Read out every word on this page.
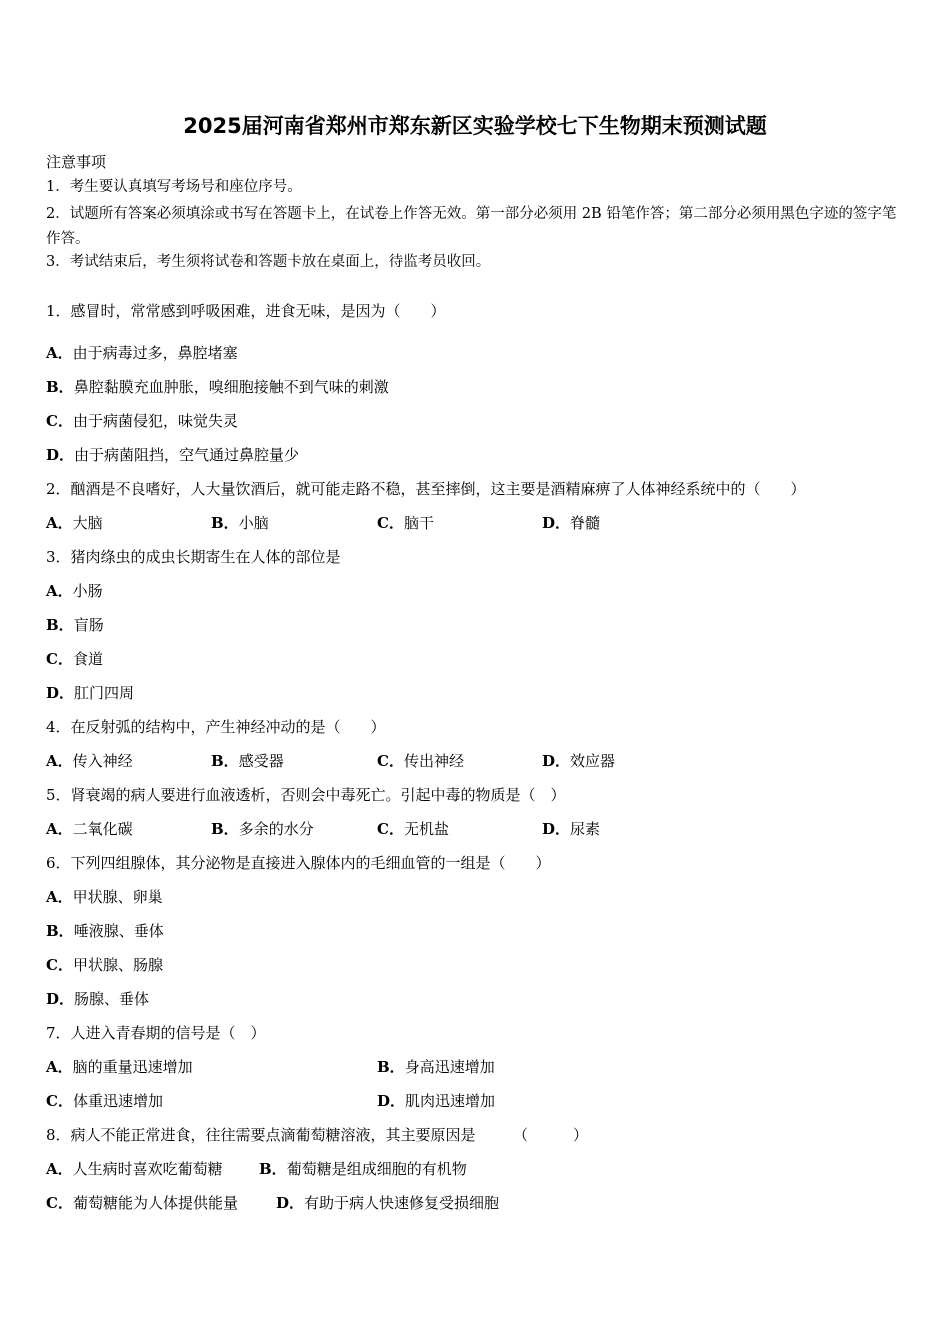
2025届河南省郑州市郑东新区实验学校七下生物期末预测试题
注意事项
1．考生要认真填写考场号和座位序号。
2．试题所有答案必须填涂或书写在答题卡上，在试卷上作答无效。第一部分必须用 2B 铅笔作答；第二部分必须用黑色字迹的签字笔作答。
3．考试结束后，考生须将试卷和答题卡放在桌面上，待监考员收回。
1．感冒时，常常感到呼吸困难，进食无味，是因为（　　）
A．由于病毒过多，鼻腔堵塞
B．鼻腔黏膜充血肿胀，嗅细胞接触不到气味的刺激
C．由于病菌侵犯，味觉失灵
D．由于病菌阻挡，空气通过鼻腔量少
2．酗酒是不良嗜好，人大量饮酒后，就可能走路不稳，甚至摔倒，这主要是酒精麻痹了人体神经系统中的（　　）
A．大脑	B．小脑	C．脑干	D．脊髓
3．猪肉绦虫的成虫长期寄生在人体的部位是
A．小肠
B．盲肠
C．食道
D．肛门四周
4．在反射弧的结构中，产生神经冲动的是（　　）
A．传入神经	B．感受器	C．传出神经	D．效应器
5．肾衰竭的病人要进行血液透析，否则会中毒死亡。引起中毒的物质是（　）
A．二氧化碳	B．多余的水分	C．无机盐	D．尿素
6．下列四组腺体，其分泌物是直接进入腺体内的毛细血管的一组是（　　）
A．甲状腺、卵巢
B．唾液腺、垂体
C．甲状腺、肠腺
D．肠腺、垂体
7．人进入青春期的信号是（　）
A．脑的重量迅速增加	B．身高迅速增加
C．体重迅速增加	D．肌肉迅速增加
8．病人不能正常进食，往往需要点滴葡萄糖溶液，其主要原因是　　　（　　　）
A．人生病时喜欢吃葡萄糖 B．葡萄糖是组成细胞的有机物
C．葡萄糖能为人体提供能量	D．有助于病人快速修复受损细胞
